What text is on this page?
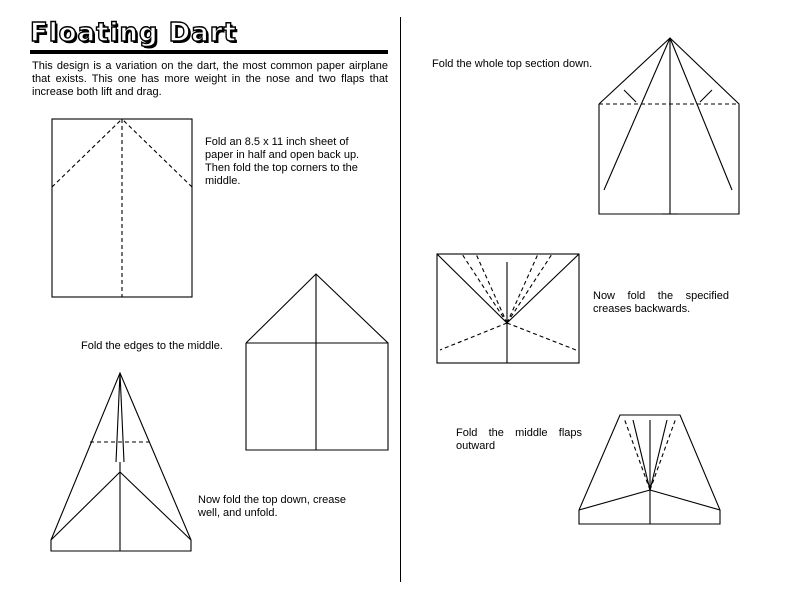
Floating Dart

This design is a variation on the dart, the most common paper airplane that exists. This one has more weight in the nose and two flaps that increase both lift and drag.

Fold an 8.5 x 11 inch sheet of paper in half and open back up. Then fold the top corners to the middle.

Fold the edges to the middle.

Now fold the top down, crease well, and unfold.

Fold the whole top section down.

Now fold the specified creases backwards.

Fold the middle flaps outward
